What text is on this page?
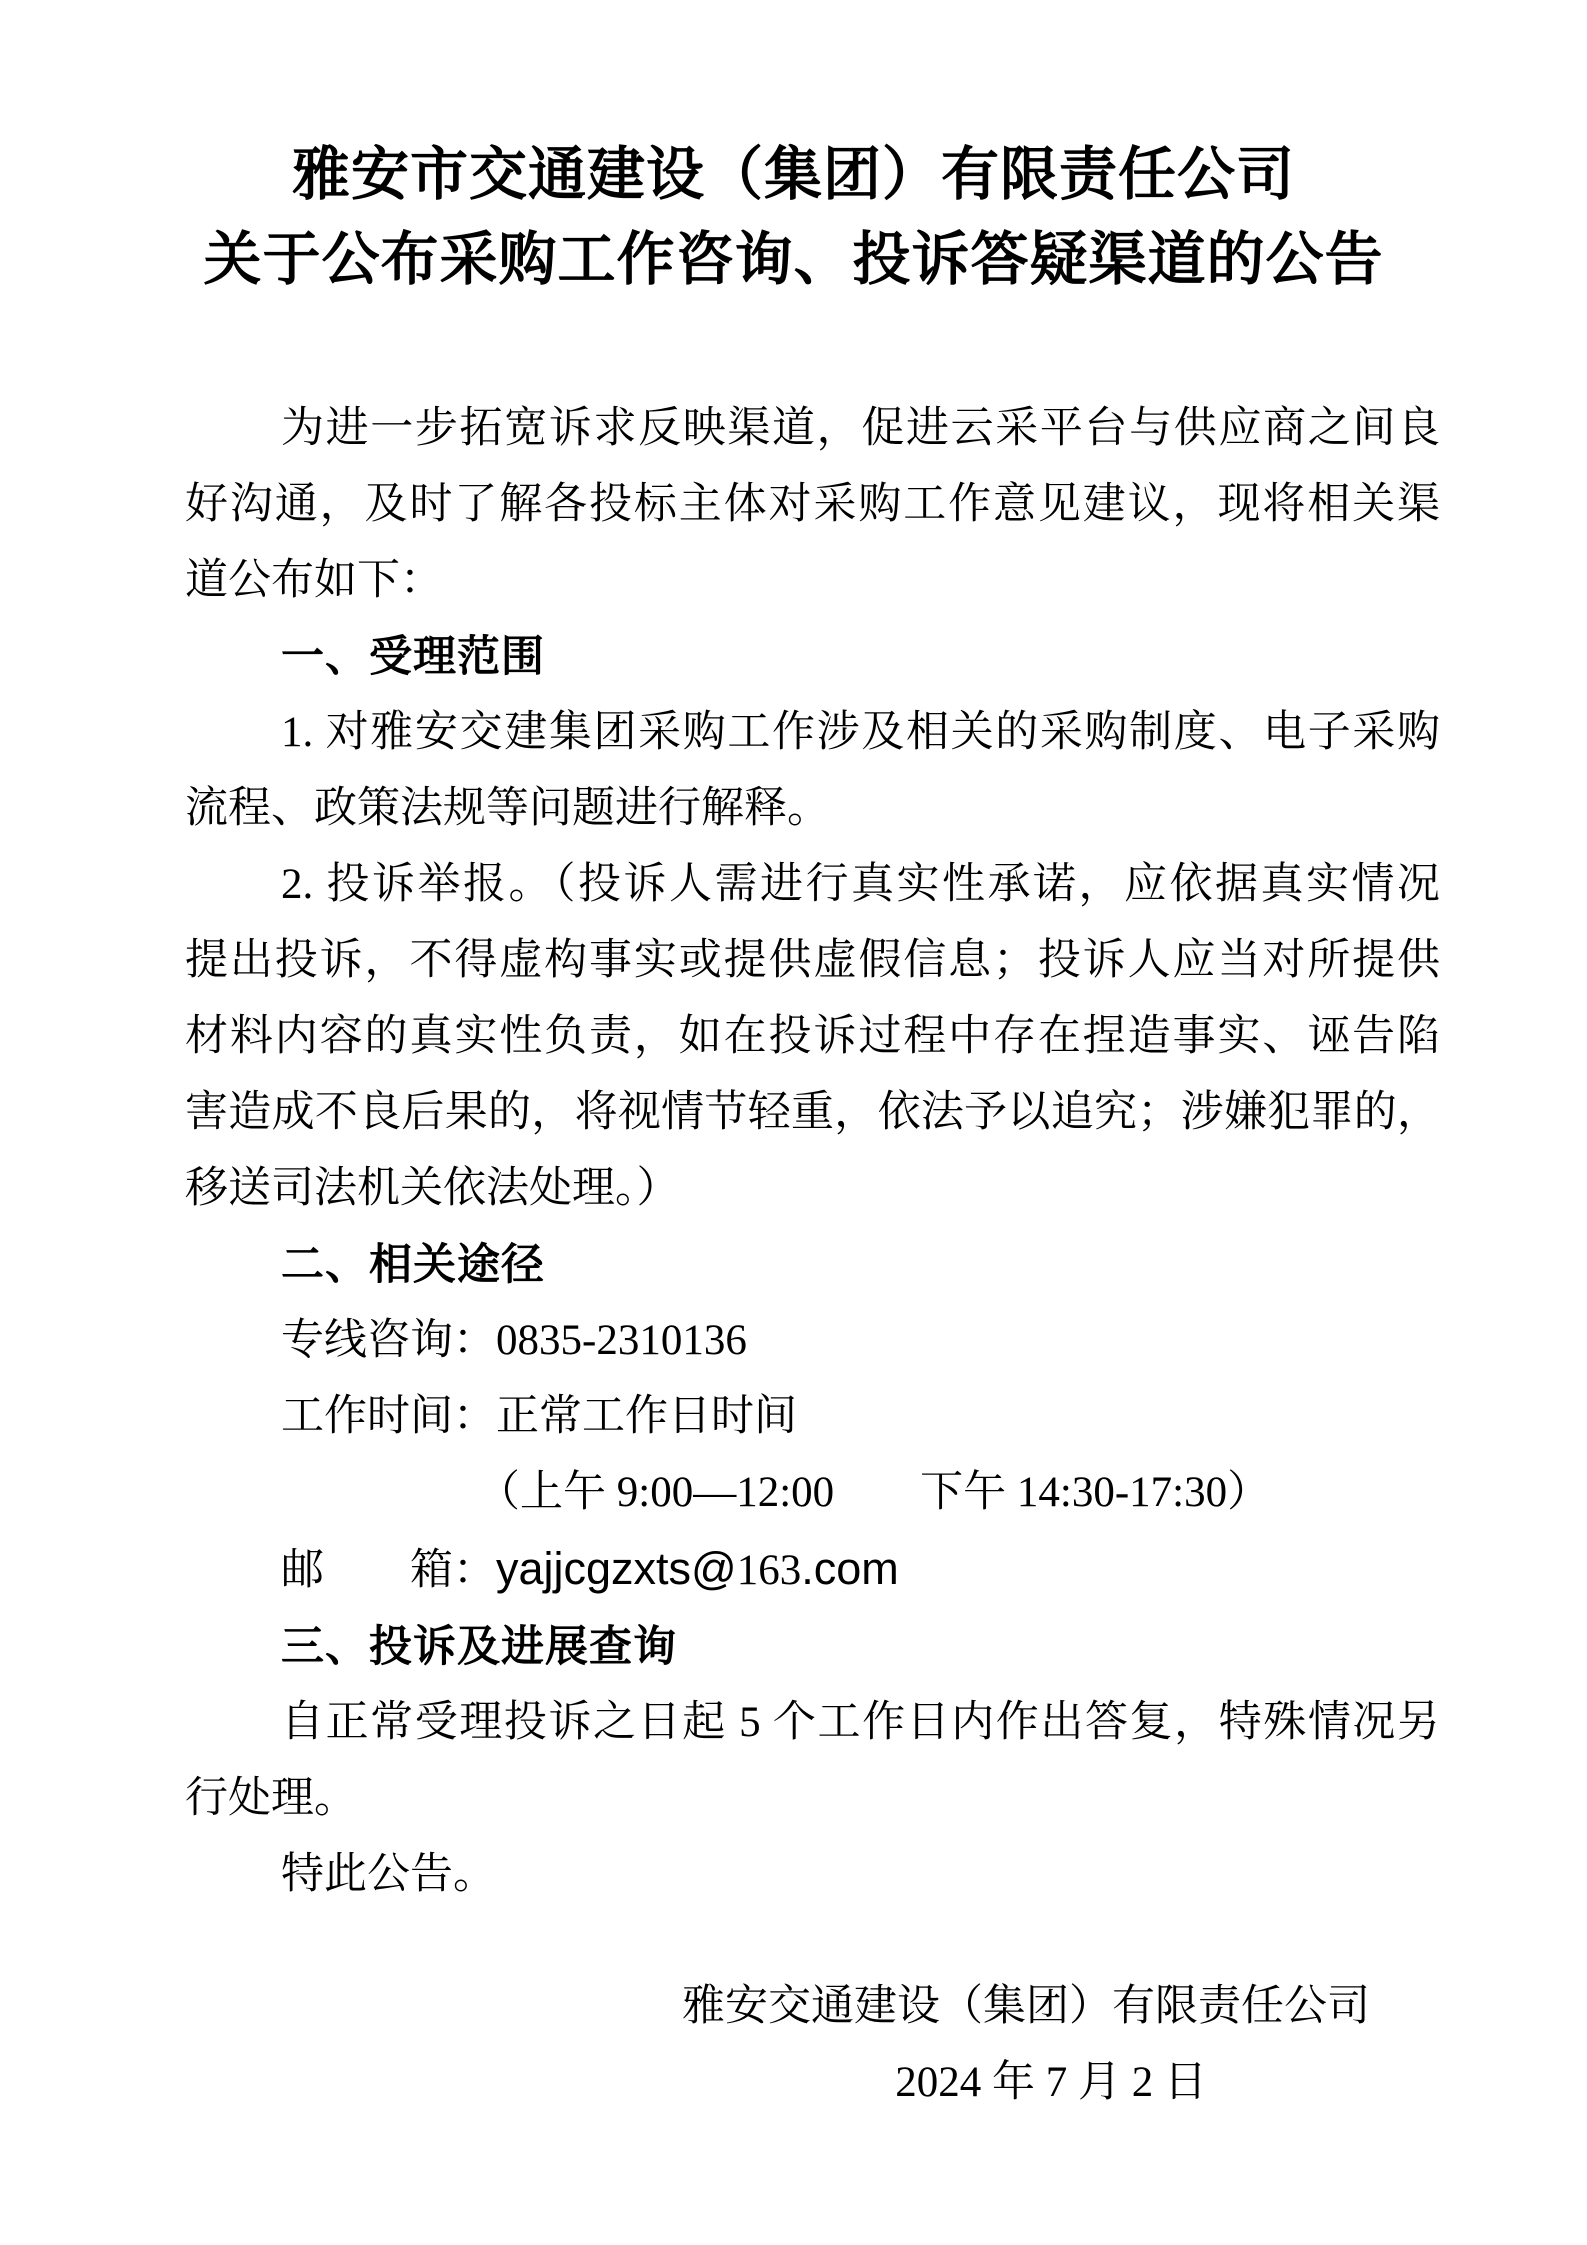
雅安市交通建设（集团）有限责任公司
关于公布采购工作咨询、投诉答疑渠道的公告

为进一步拓宽诉求反映渠道，促进云采平台与供应商之间良

好沟通，及时了解各投标主体对采购工作意见建议，现将相关渠

道公布如下：

一、受理范围

1. 对雅安交建集团采购工作涉及相关的采购制度、电子采购

流程、政策法规等问题进行解释。

2. 投诉举报。（投诉人需进行真实性承诺，应依据真实情况

提出投诉，不得虚构事实或提供虚假信息；投诉人应当对所提供

材料内容的真实性负责，如在投诉过程中存在捏造事实、诬告陷

害造成不良后果的，将视情节轻重，依法予以追究；涉嫌犯罪的，

移送司法机关依法处理。）

二、相关途径

专线咨询：0835-2310136

工作时间：正常工作日时间

（上午 9:00—12:00　　下午 14:30-17:30）

邮　　箱：yajjcgzxts@163.com

三、投诉及进展查询

自正常受理投诉之日起 5 个工作日内作出答复，特殊情况另

行处理。

特此公告。

雅安交通建设（集团）有限责任公司

2024 年 7 月 2 日
